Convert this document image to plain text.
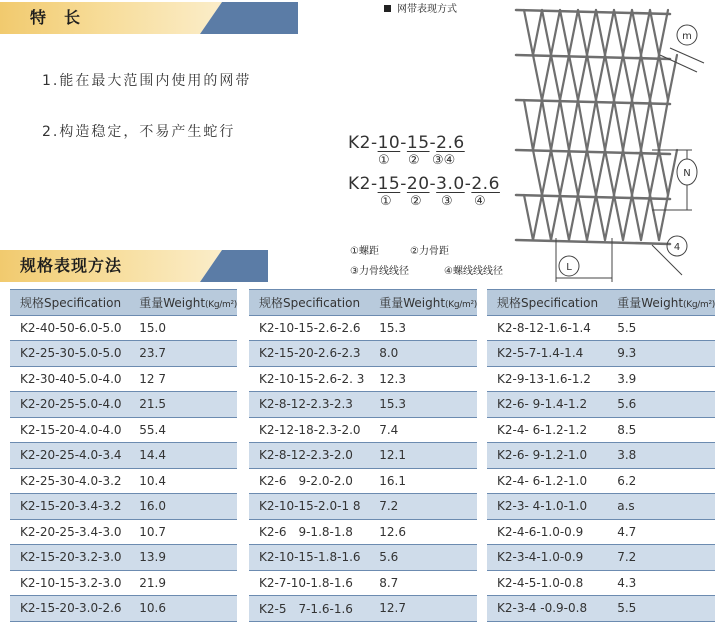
特　长
1.能在最大范围内使用的网带
2.构造稳定，不易产生蛇行
网带表现方式
K2-10-15-2.6
① ② ③④
K2-15-20-3.0-2.6
① ② ③ ④
①螺距	②力骨距
③力骨线线径	④螺线线线径
m
N
4
L
规格表现方法
规格Specification	重量Weight(Kg/m²)
K2-40-50-6.0-5.0	15.0
K2-25-30-5.0-5.0	23.7
K2-30-40-5.0-4.0	12 7
K2-20-25-5.0-4.0	21.5
K2-15-20-4.0-4.0	55.4
K2-20-25-4.0-3.4	14.4
K2-25-30-4.0-3.2	10.4
K2-15-20-3.4-3.2	16.0
K2-20-25-3.4-3.0	10.7
K2-15-20-3.2-3.0	13.9
K2-10-15-3.2-3.0	21.9
K2-15-20-3.0-2.6	10.6
规格Specification	重量Weight(Kg/m²)
K2-10-15-2.6-2.6	15.3
K2-15-20-2.6-2.3	8.0
K2-10-15-2.6-2. 3	12.3
K2-8-12-2.3-2.3	15.3
K2-12-18-2.3-2.0	7.4
K2-8-12-2.3-2.0	12.1
K2-6　9-2.0-2.0	16.1
K2-10-15-2.0-1 8	7.2
K2-6　9-1.8-1.8	12.6
K2-10-15-1.8-1.6	5.6
K2-7-10-1.8-1.6	8.7
K2-5　7-1.6-1.6	12.7
规格Specification	重量Weight(Kg/m²)
K2-8-12-1.6-1.4	5.5
K2-5-7-1.4-1.4	9.3
K2-9-13-1.6-1.2	3.9
K2-6- 9-1.4-1.2	5.6
K2-4- 6-1.2-1.2	8.5
K2-6- 9-1.2-1.0	3.8
K2-4- 6-1.2-1.0	6.2
K2-3- 4-1.0-1.0	a.s
K2-4-6-1.0-0.9	4.7
K2-3-4-1.0-0.9	7.2
K2-4-5-1.0-0.8	4.3
K2-3-4 -0.9-0.8	5.5
